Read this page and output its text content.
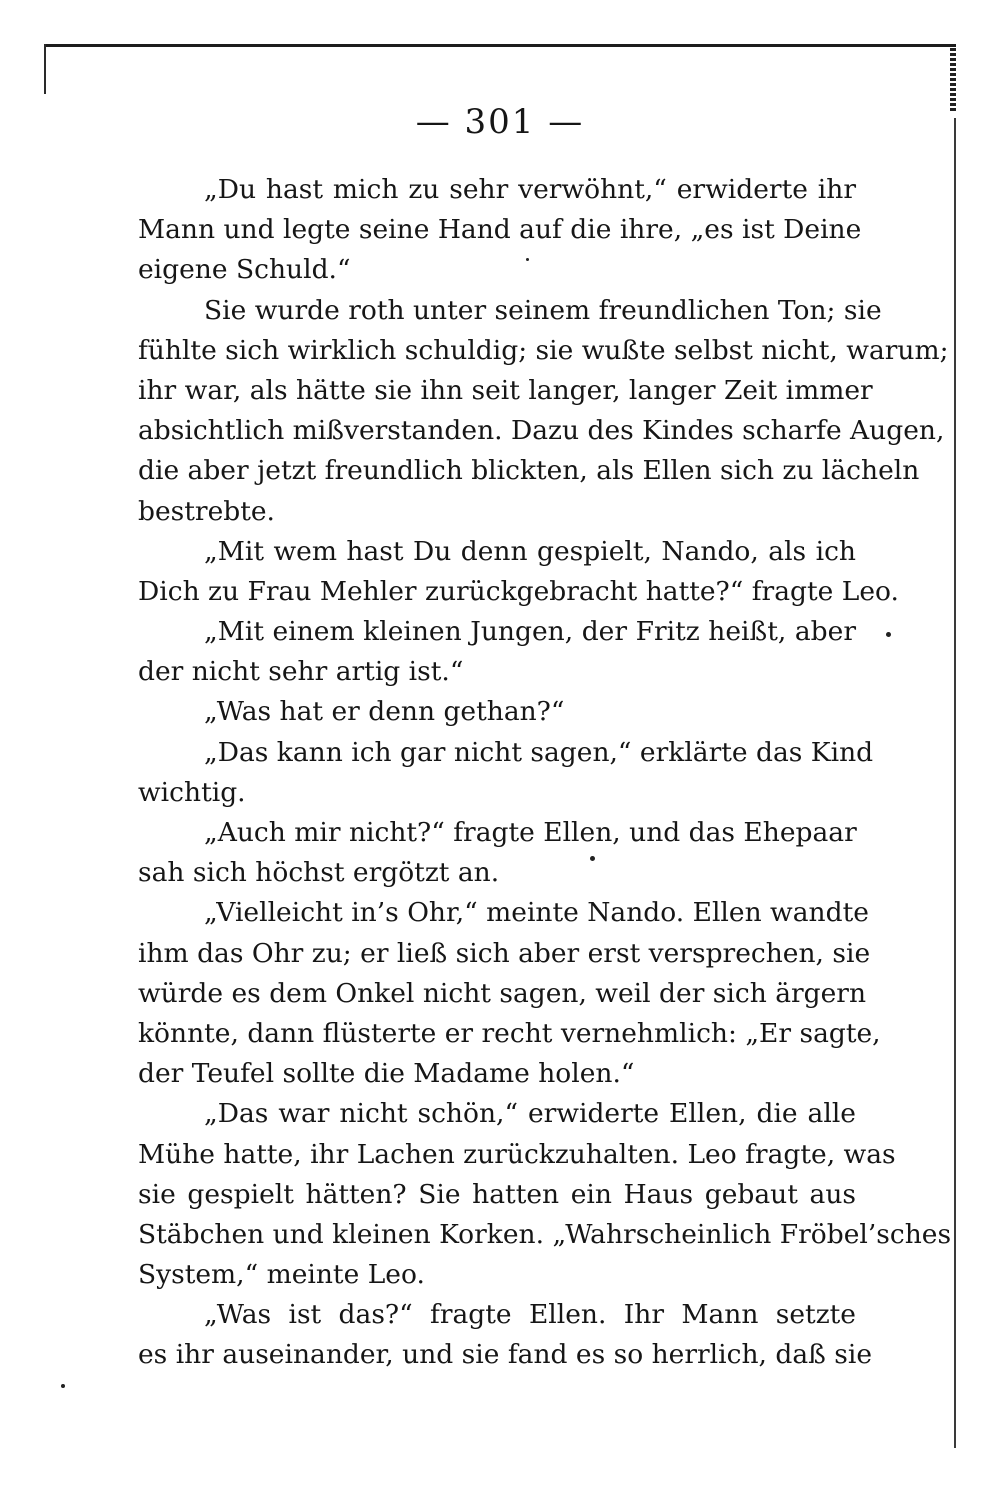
— 301 —
„Du hast mich zu sehr verwöhnt,“ erwiderte ihr
Mann und legte seine Hand auf die ihre, „es ist Deine
eigene Schuld.“
Sie wurde roth unter seinem freundlichen Ton; sie
fühlte sich wirklich schuldig; sie wußte selbst nicht, warum;
ihr war, als hätte sie ihn seit langer, langer Zeit immer
absichtlich mißverstanden. Dazu des Kindes scharfe Augen,
die aber jetzt freundlich blickten, als Ellen sich zu lächeln
bestrebte.
„Mit wem hast Du denn gespielt, Nando, als ich
Dich zu Frau Mehler zurückgebracht hatte?“ fragte Leo.
„Mit einem kleinen Jungen, der Fritz heißt, aber
der nicht sehr artig ist.“
„Was hat er denn gethan?“
„Das kann ich gar nicht sagen,“ erklärte das Kind
wichtig.
„Auch mir nicht?“ fragte Ellen, und das Ehepaar
sah sich höchst ergötzt an.
„Vielleicht in’s Ohr,“ meinte Nando. Ellen wandte
ihm das Ohr zu; er ließ sich aber erst versprechen, sie
würde es dem Onkel nicht sagen, weil der sich ärgern
könnte, dann flüsterte er recht vernehmlich: „Er sagte,
der Teufel sollte die Madame holen.“
„Das war nicht schön,“ erwiderte Ellen, die alle
Mühe hatte, ihr Lachen zurückzuhalten. Leo fragte, was
sie gespielt hätten? Sie hatten ein Haus gebaut aus
Stäbchen und kleinen Korken. „Wahrscheinlich Fröbel’sches
System,“ meinte Leo.
„Was ist das?“ fragte Ellen. Ihr Mann setzte
es ihr auseinander, und sie fand es so herrlich, daß sie
